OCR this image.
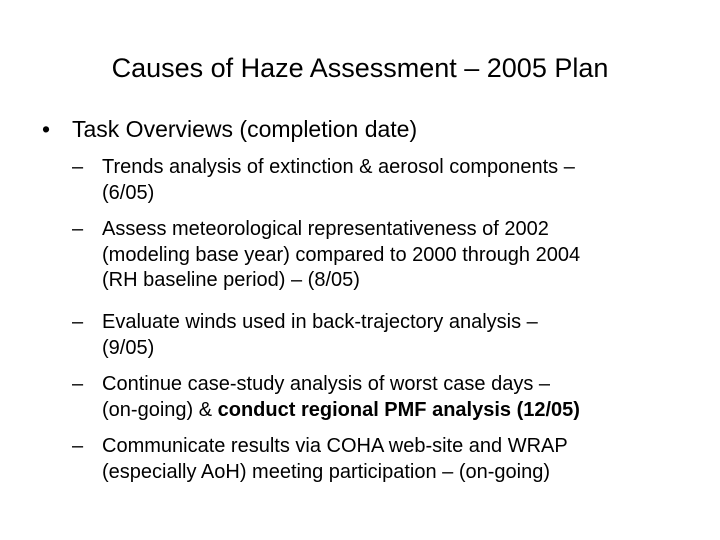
Causes of Haze Assessment – 2005 Plan
• Task Overviews (completion date)
– Trends analysis of extinction & aerosol components –
(6/05)
– Assess meteorological representativeness of 2002
(modeling base year) compared to 2000 through 2004
(RH baseline period) – (8/05)
– Evaluate winds used in back-trajectory analysis –
(9/05)
– Continue case-study analysis of worst case days –
(on-going) & conduct regional PMF analysis (12/05)
– Communicate results via COHA web-site and WRAP
(especially AoH) meeting participation – (on-going)
